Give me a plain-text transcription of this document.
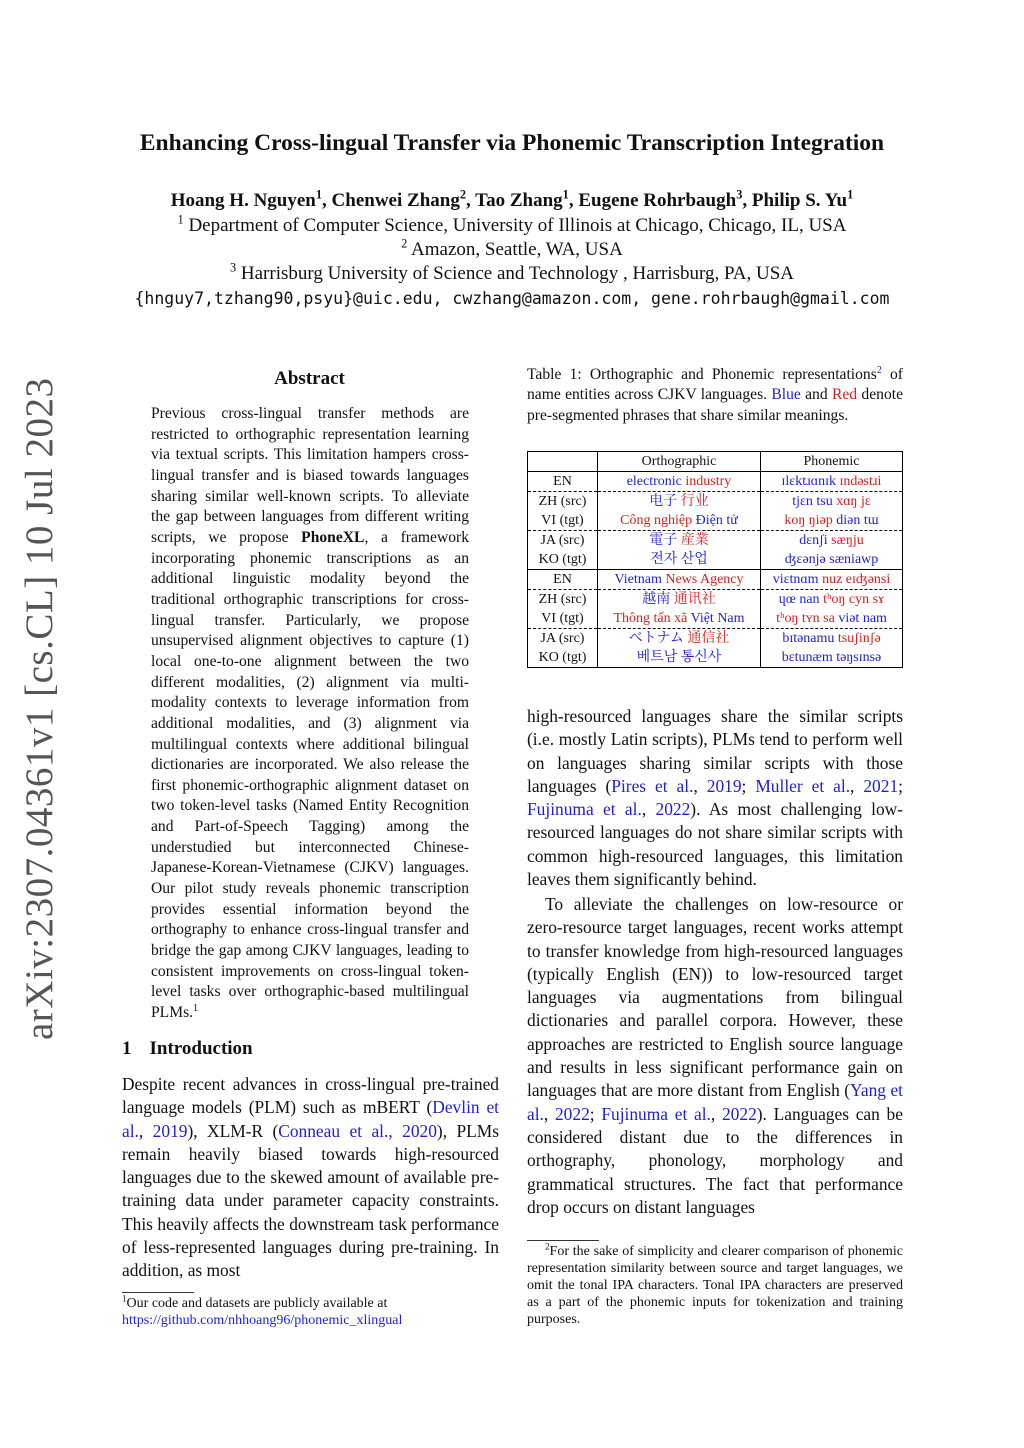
arXiv:2307.04361v1 [cs.CL] 10 Jul 2023
Enhancing Cross-lingual Transfer via Phonemic Transcription Integration
Hoang H. Nguyen$^1$, Chenwei Zhang$^2$, Tao Zhang$^1$, Eugene Rohrbaugh$^3$, Philip S. Yu$^1$
$^1$ Department of Computer Science, University of Illinois at Chicago, Chicago, IL, USA
$^2$ Amazon, Seattle, WA, USA
$^3$ Harrisburg University of Science and Technology , Harrisburg, PA, USA
{hnguy7,tzhang90,psyu}@uic.edu, cwzhang@amazon.com, gene.rohrbaugh@gmail.com
Abstract
Previous cross-lingual transfer methods are restricted to orthographic representation learning via textual scripts. This limitation hampers cross-lingual transfer and is biased towards languages sharing similar well-known scripts. To alleviate the gap between languages from different writing scripts, we propose PhoneXL, a framework incorporating phonemic transcriptions as an additional linguistic modality beyond the traditional orthographic transcriptions for cross-lingual transfer. Particularly, we propose unsupervised alignment objectives to capture (1) local one-to-one alignment between the two different modalities, (2) alignment via multi-modality contexts to leverage information from additional modalities, and (3) alignment via multilingual contexts where additional bilingual dictionaries are incorporated. We also release the first phonemic-orthographic alignment dataset on two token-level tasks (Named Entity Recognition and Part-of-Speech Tagging) among the understudied but interconnected Chinese-Japanese-Korean-Vietnamese (CJKV) languages. Our pilot study reveals phonemic transcription provides essential information beyond the orthography to enhance cross-lingual transfer and bridge the gap among CJKV languages, leading to consistent improvements on cross-lingual token-level tasks over orthographic-based multilingual PLMs.$^1$
1 Introduction
Despite recent advances in cross-lingual pre-trained language models (PLM) such as mBERT (Devlin et al., 2019), XLM-R (Conneau et al., 2020), PLMs remain heavily biased towards high-resourced languages due to the skewed amount of available pre-training data under parameter capacity constraints. This heavily affects the downstream task performance of less-represented languages during pre-training. In addition, as most
$^1$Our code and datasets are publicly available at
https://github.com/nhhoang96/phonemic_xlingual
Table 1: Orthographic and Phonemic representations$^2$ of name entities across CJKV languages. Blue and Red denote pre-segmented phrases that share similar meanings.
	Orthographic	Phonemic
EN	electronic industry	ɪlɛktɹɑnɪk ɪndəstɹi
ZH (src)	电子 行业	tjɛn tsu xɑŋ jɛ
VI (tgt)	Công nghiệp Điện tử	koŋ ŋiəp diən tɯ
JA (src)	電子 産業	dɛnʃi sæŋju
KO (tgt)	전자 산업	ʤɛənjə sæniawp
EN	Vietnam News Agency	viɛtnɑm nuz eɪʤənsi
ZH (src)	越南 通讯社	ɥœ nan tʰoŋ cyn sɤ
VI (tgt)	Thông tấn xã Việt Nam	tʰoŋ tʏn sa viət nam
JA (src)	ベトナム 通信社	bɪtənamu tsuʃinʃə
KO (tgt)	베트남 통신사	bɛtunæm təŋsɪnsə
high-resourced languages share the similar scripts (i.e. mostly Latin scripts), PLMs tend to perform well on languages sharing similar scripts with those languages (Pires et al., 2019; Muller et al., 2021; Fujinuma et al., 2022). As most challenging low-resourced languages do not share similar scripts with common high-resourced languages, this limitation leaves them significantly behind.
To alleviate the challenges on low-resource or zero-resource target languages, recent works attempt to transfer knowledge from high-resourced languages (typically English (EN)) to low-resourced target languages via augmentations from bilingual dictionaries and parallel corpora. However, these approaches are restricted to English source language and results in less significant performance gain on languages that are more distant from English (Yang et al., 2022; Fujinuma et al., 2022). Languages can be considered distant due to the differences in orthography, phonology, morphology and grammatical structures. The fact that performance drop occurs on distant languages
$^2$For the sake of simplicity and clearer comparison of phonemic representation similarity between source and target languages, we omit the tonal IPA characters. Tonal IPA characters are preserved as a part of the phonemic inputs for tokenization and training purposes.
